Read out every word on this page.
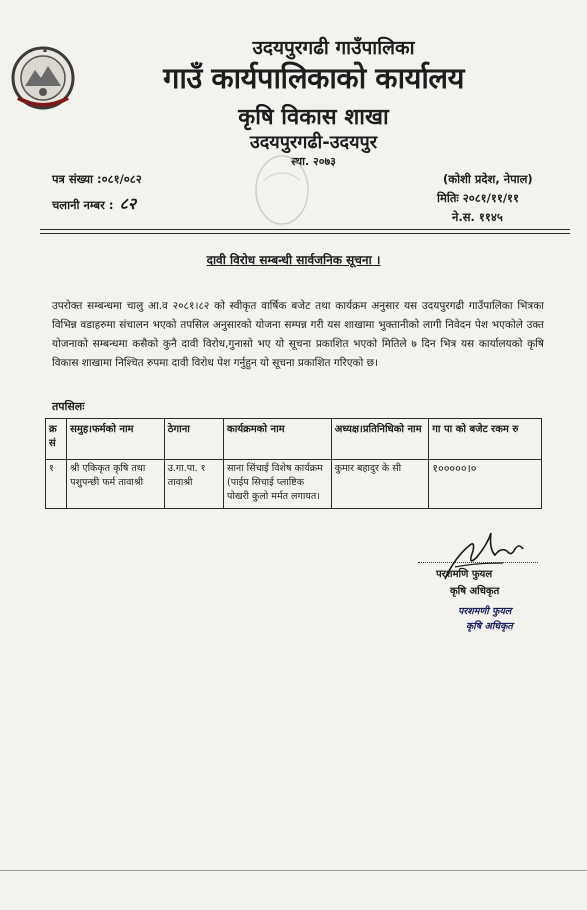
उदयपुरगढी गाउँपालिका
गाउँ कार्यपालिकाको कार्यालय
कृषि विकास शाखा
उदयपुरगढी-उदयपुर
स्था. २०७३
पत्र संख्या :०८१/०८२
चलानी नम्बर : ८२
(कोशी प्रदेश, नेपाल)
मितिः २०८१/११/११
ने.स. ११४५
दावी विरोध सम्बन्धी सार्वजनिक सूचना ।
उपरोक्त सम्बन्धमा चालु आ.व २०८१।८२ को स्वीकृत वार्षिक बजेट तथा कार्यक्रम अनुसार यस उदयपुरगढी गाउँपालिका भित्रका विभिन्न वडाहरुमा संचालन भएको तपसिल अनुसारको योजना सम्पन्न गरी यस शाखामा भुक्तानीको लागी निवेदन पेश भएकोले उक्त योजनाको सम्बन्धमा कसैको कुनै दावी विरोध,गुनासो भए यो सूचना प्रकाशित भएको मितिले ७ दिन भित्र यस कार्यालयको कृषि विकास शाखामा निश्चित रुपमा दावी विरोध पेश गर्नुहुन यो सूचना प्रकाशित गरिएको छ।
तपसिलः
क्र सं	समुह।फर्मको नाम	ठेगाना	कार्यक्रमको नाम	अध्यक्ष।प्रतिनिधिको नाम	गा पा को बजेट रकम रु
१	श्री एकिकृत कृषि तथा पशुपन्छी फर्म तावाश्री	उ.गा.पा. १ तावाश्री	साना सिंचाई विशेष कार्यक्रम (पाईप सिचाई प्लाष्टिक पोखरी कुलो मर्मत लगायत।	कुमार बहादुर के सी	१०००००।०
परशमणि फुयल
कृषि अधिकृत
परशमणी फुयल
कृषि अधिकृत
